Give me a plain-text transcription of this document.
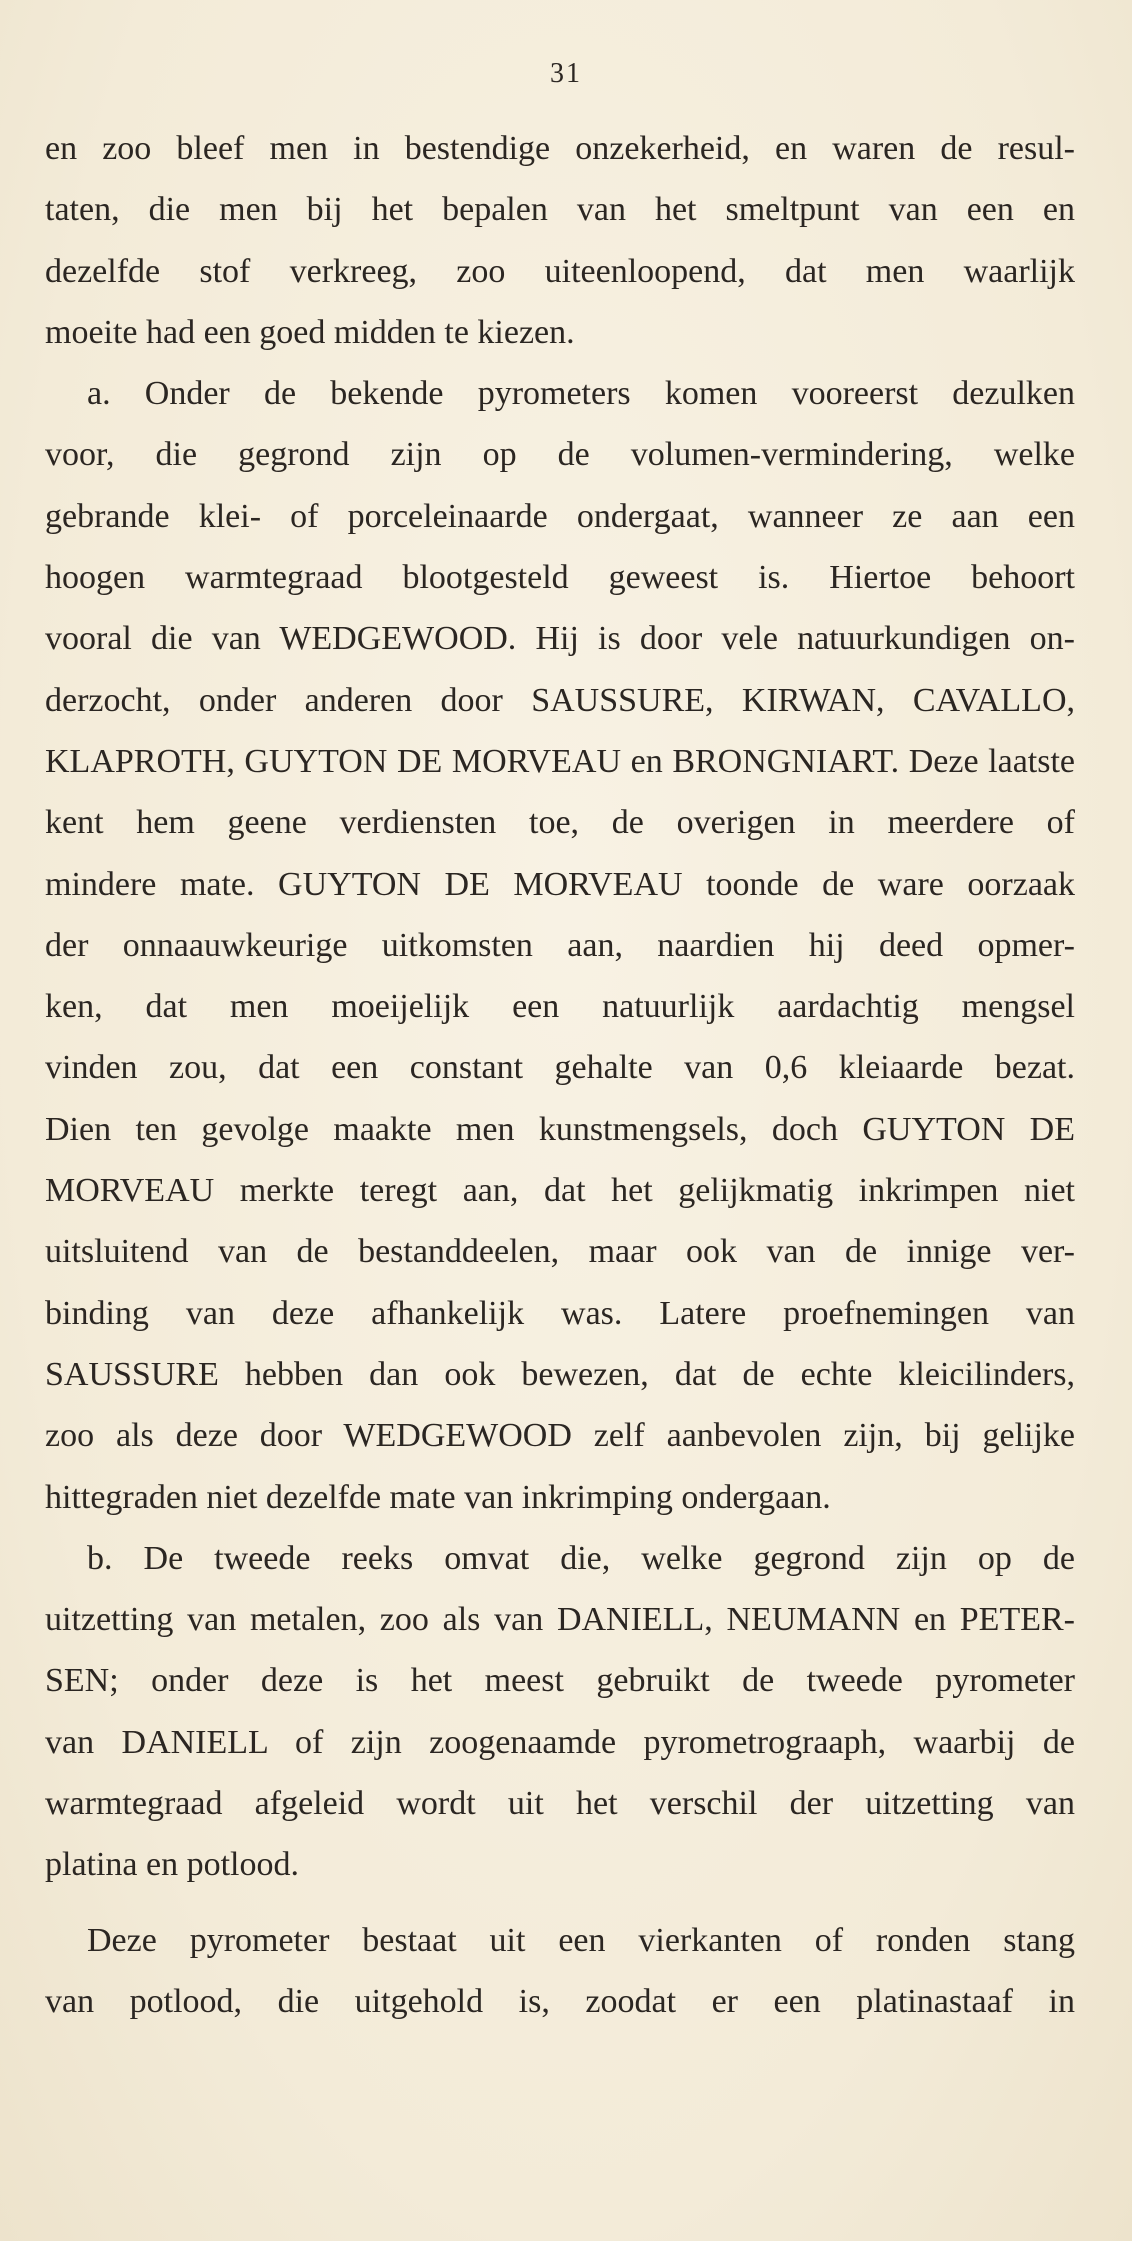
31
en zoo bleef men in bestendige onzekerheid, en waren de resul-
taten, die men bij het bepalen van het smeltpunt van een en
dezelfde stof verkreeg, zoo uiteenloopend, dat men waarlijk
moeite had een goed midden te kiezen.
a. Onder de bekende pyrometers komen vooreerst dezulken
voor, die gegrond zijn op de volumen-vermindering, welke
gebrande klei- of porceleinaarde ondergaat, wanneer ze aan een
hoogen warmtegraad blootgesteld geweest is. Hiertoe behoort
vooral die van WEDGEWOOD. Hij is door vele natuurkundigen on-
derzocht, onder anderen door SAUSSURE, KIRWAN, CAVALLO,
KLAPROTH, GUYTON DE MORVEAU en BRONGNIART. Deze laatste
kent hem geene verdiensten toe, de overigen in meerdere of
mindere mate. GUYTON DE MORVEAU toonde de ware oorzaak
der onnaauwkeurige uitkomsten aan, naardien hij deed opmer-
ken, dat men moeijelijk een natuurlijk aardachtig mengsel
vinden zou, dat een constant gehalte van 0,6 kleiaarde bezat.
Dien ten gevolge maakte men kunstmengsels, doch GUYTON DE
MORVEAU merkte teregt aan, dat het gelijkmatig inkrimpen niet
uitsluitend van de bestanddeelen, maar ook van de innige ver-
binding van deze afhankelijk was. Latere proefnemingen van
SAUSSURE hebben dan ook bewezen, dat de echte kleicilinders,
zoo als deze door WEDGEWOOD zelf aanbevolen zijn, bij gelijke
hittegraden niet dezelfde mate van inkrimping ondergaan.
b. De tweede reeks omvat die, welke gegrond zijn op de
uitzetting van metalen, zoo als van DANIELL, NEUMANN en PETER-
SEN; onder deze is het meest gebruikt de tweede pyrometer
van DANIELL of zijn zoogenaamde pyrometrograaph, waarbij de
warmtegraad afgeleid wordt uit het verschil der uitzetting van
platina en potlood.
Deze pyrometer bestaat uit een vierkanten of ronden stang
van potlood, die uitgehold is, zoodat er een platinastaaf in
